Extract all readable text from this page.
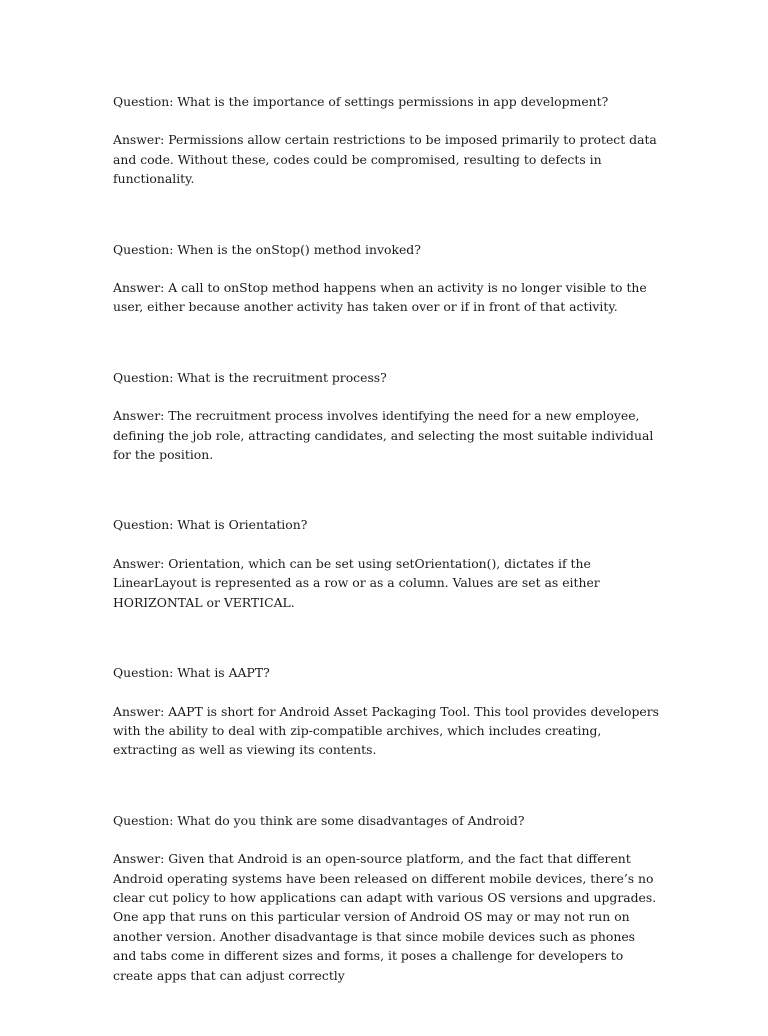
Question: What is the importance of settings permissions in app development?

Answer: Permissions allow certain restrictions to be imposed primarily to protect data and code. Without these, codes could be compromised, resulting to defects in functionality.

Question: When is the onStop() method invoked?

Answer: A call to onStop method happens when an activity is no longer visible to the user, either because another activity has taken over or if in front of that activity.

Question: What is the recruitment process?

Answer: The recruitment process involves identifying the need for a new employee, defining the job role, attracting candidates, and selecting the most suitable individual for the position.

Question: What is Orientation?

Answer: Orientation, which can be set using setOrientation(), dictates if the LinearLayout is represented as a row or as a column. Values are set as either HORIZONTAL or VERTICAL.

Question: What is AAPT?

Answer: AAPT is short for Android Asset Packaging Tool. This tool provides developers with the ability to deal with zip-compatible archives, which includes creating, extracting as well as viewing its contents.

Question: What do you think are some disadvantages of Android?

Answer: Given that Android is an open-source platform, and the fact that different Android operating systems have been released on different mobile devices, there’s no clear cut policy to how applications can adapt with various OS versions and upgrades. One app that runs on this particular version of Android OS may or may not run on another version. Another disadvantage is that since mobile devices such as phones and tabs come in different sizes and forms, it poses a challenge for developers to create apps that can adjust correctly
